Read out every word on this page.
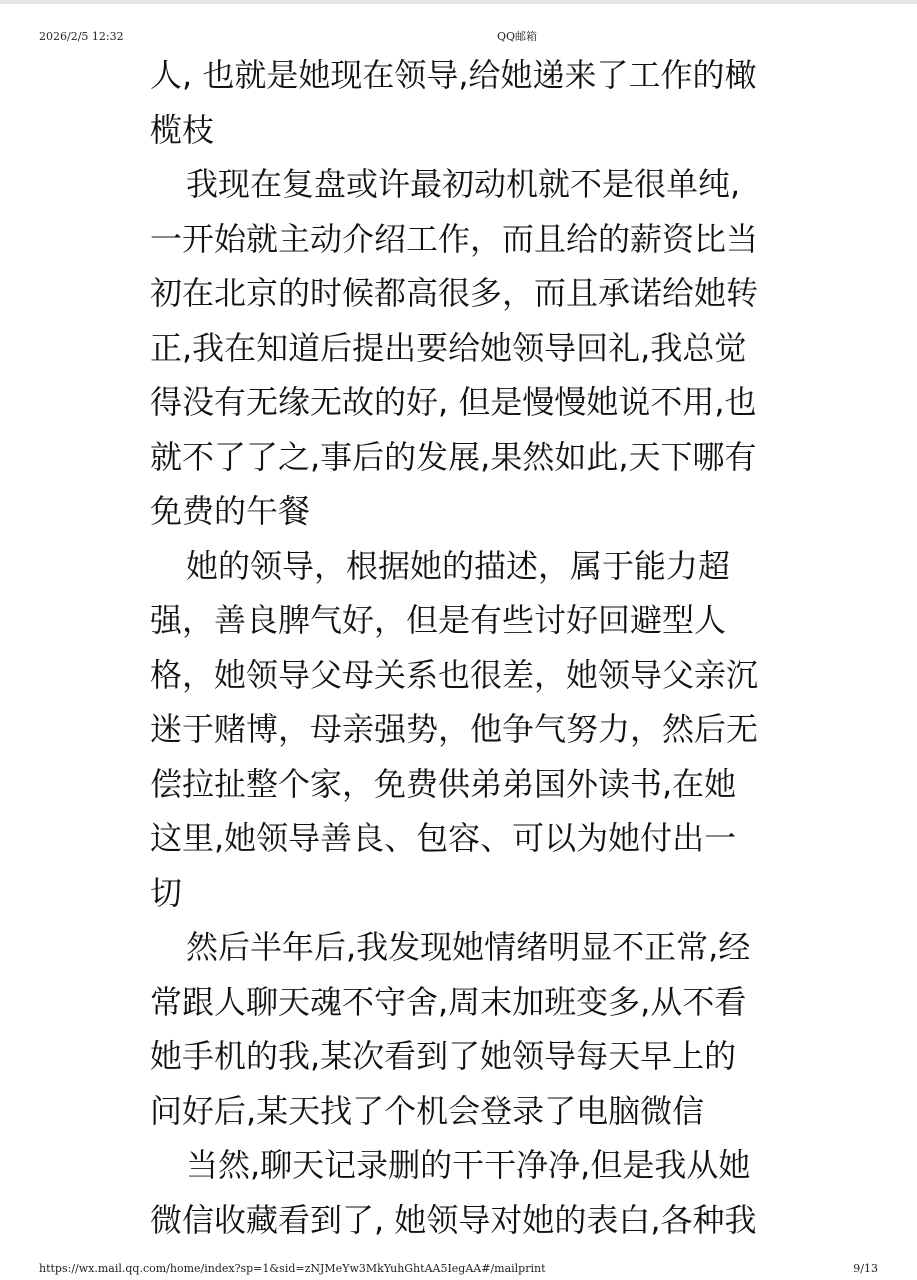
2026/2/5 12:32	QQ邮箱
人, 也就是她现在领导,给她递来了工作的橄
榄枝
我现在复盘或许最初动机就不是很单纯,
一开始就主动介绍工作，而且给的薪资比当
初在北京的时候都高很多，而且承诺给她转
正,我在知道后提出要给她领导回礼,我总觉
得没有无缘无故的好, 但是慢慢她说不用,也
就不了了之,事后的发展,果然如此,天下哪有
免费的午餐
她的领导，根据她的描述，属于能力超
强，善良脾气好，但是有些讨好回避型人
格，她领导父母关系也很差，她领导父亲沉
迷于赌博，母亲强势，他争气努力，然后无
偿拉扯整个家，免费供弟弟国外读书,在她
这里,她领导善良、包容、可以为她付出一
切
然后半年后,我发现她情绪明显不正常,经
常跟人聊天魂不守舍,周末加班变多,从不看
她手机的我,某次看到了她领导每天早上的
问好后,某天找了个机会登录了电脑微信
当然,聊天记录删的干干净净,但是我从她
微信收藏看到了, 她领导对她的表白,各种我
https://wx.mail.qq.com/home/index?sp=1&sid=zNJMeYw3MkYuhGhtAA5IegAA#/mailprint	9/13
